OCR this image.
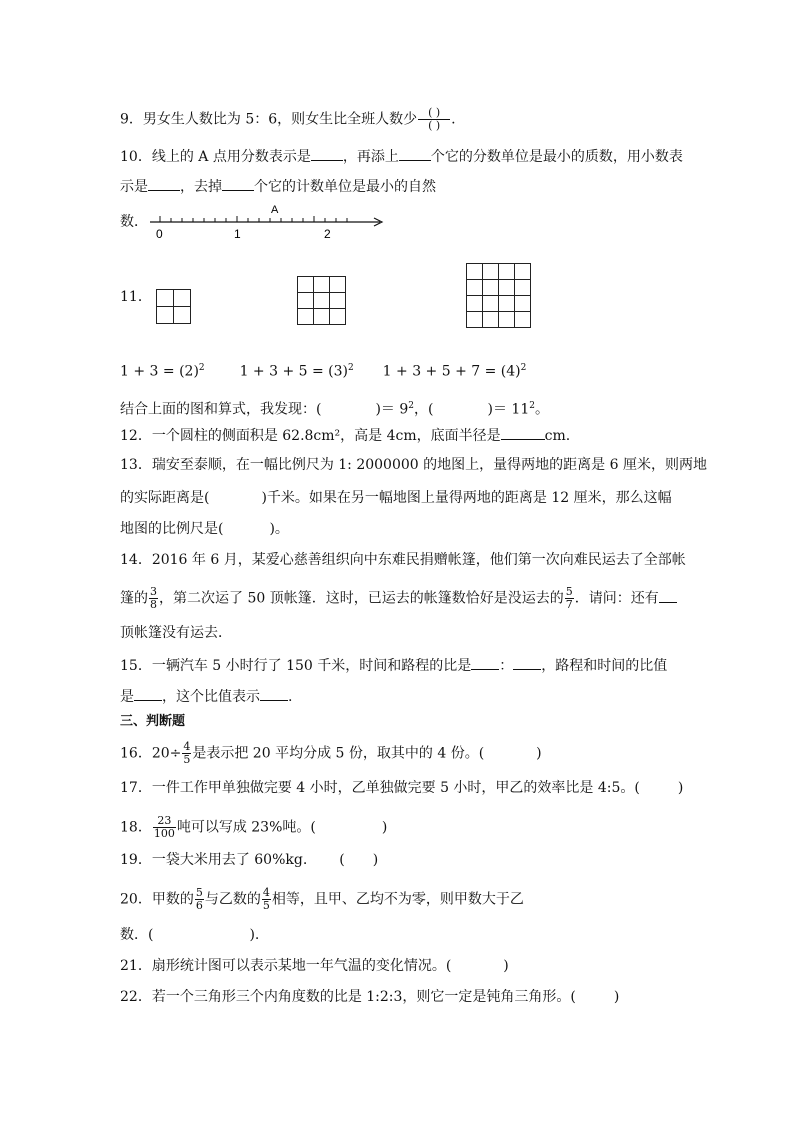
9．男女生人数比为 5：6，则女生比全班人数少 $\frac{( )}{( )}$ .
10．线上的 A 点用分数表示是 ，再添上 个它的分数单位是最小的质数，用小数表
示是 ，去掉 个它的计数单位是最小的自然
数．
0	1	2
A
11．

$1 + 3 = (2)^2$ $1 + 3 + 5 = (3)^2$ $1 + 3 + 5 + 7 = (4)^2$
结合上面的图和算式，我发现：(	)＝ $9^2$，(	)＝ $11^2$。
12．一个圆柱的侧面积是 62.8cm²，高是 4cm，底面半径是	cm.
13．瑞安至泰顺，在一幅比例尺为 1: 2000000 的地图上，量得两地的距离是 6 厘米，则两地
的实际距离是(	)千米。如果在另一幅地图上量得两地的距离是 12 厘米，那么这幅
地图的比例尺是(	)。
14．2016 年 6 月，某爱心慈善组织向中东难民捐赠帐篷，他们第一次向难民运去了全部帐
篷的 $\frac{3}{8}$ ，第二次运了 50 顶帐篷．这时，已运去的帐篷数恰好是没运去的 $\frac{5}{7}$ ．请问：还有
顶帐篷没有运去．
15．一辆汽车 5 小时行了 150 千米，时间和路程的比是 ： ，路程和时间的比值
是 ，这个比值表示 .
三、判断题
16．$20\div \frac{4}{5}$ 是表示把 20 平均分成 5 份，取其中的 4 份。(	)
17．一件工作甲单独做完要 4 小时，乙单独做完要 5 小时，甲乙的效率比是 4:5。(	)
18． $\frac{23}{100}$ 吨可以写成 23%吨。(	)
19．一袋大米用去了 60%kg. ( )
20．甲数的 $\frac{5}{6}$ 与乙数的 $\frac{4}{5}$ 相等，且甲、乙均不为零，则甲数大于乙
数．(	).
21．扇形统计图可以表示某地一年气温的变化情况。(	)
22．若一个三角形三个内角度数的比是 1:2:3，则它一定是钝角三角形。(	)
